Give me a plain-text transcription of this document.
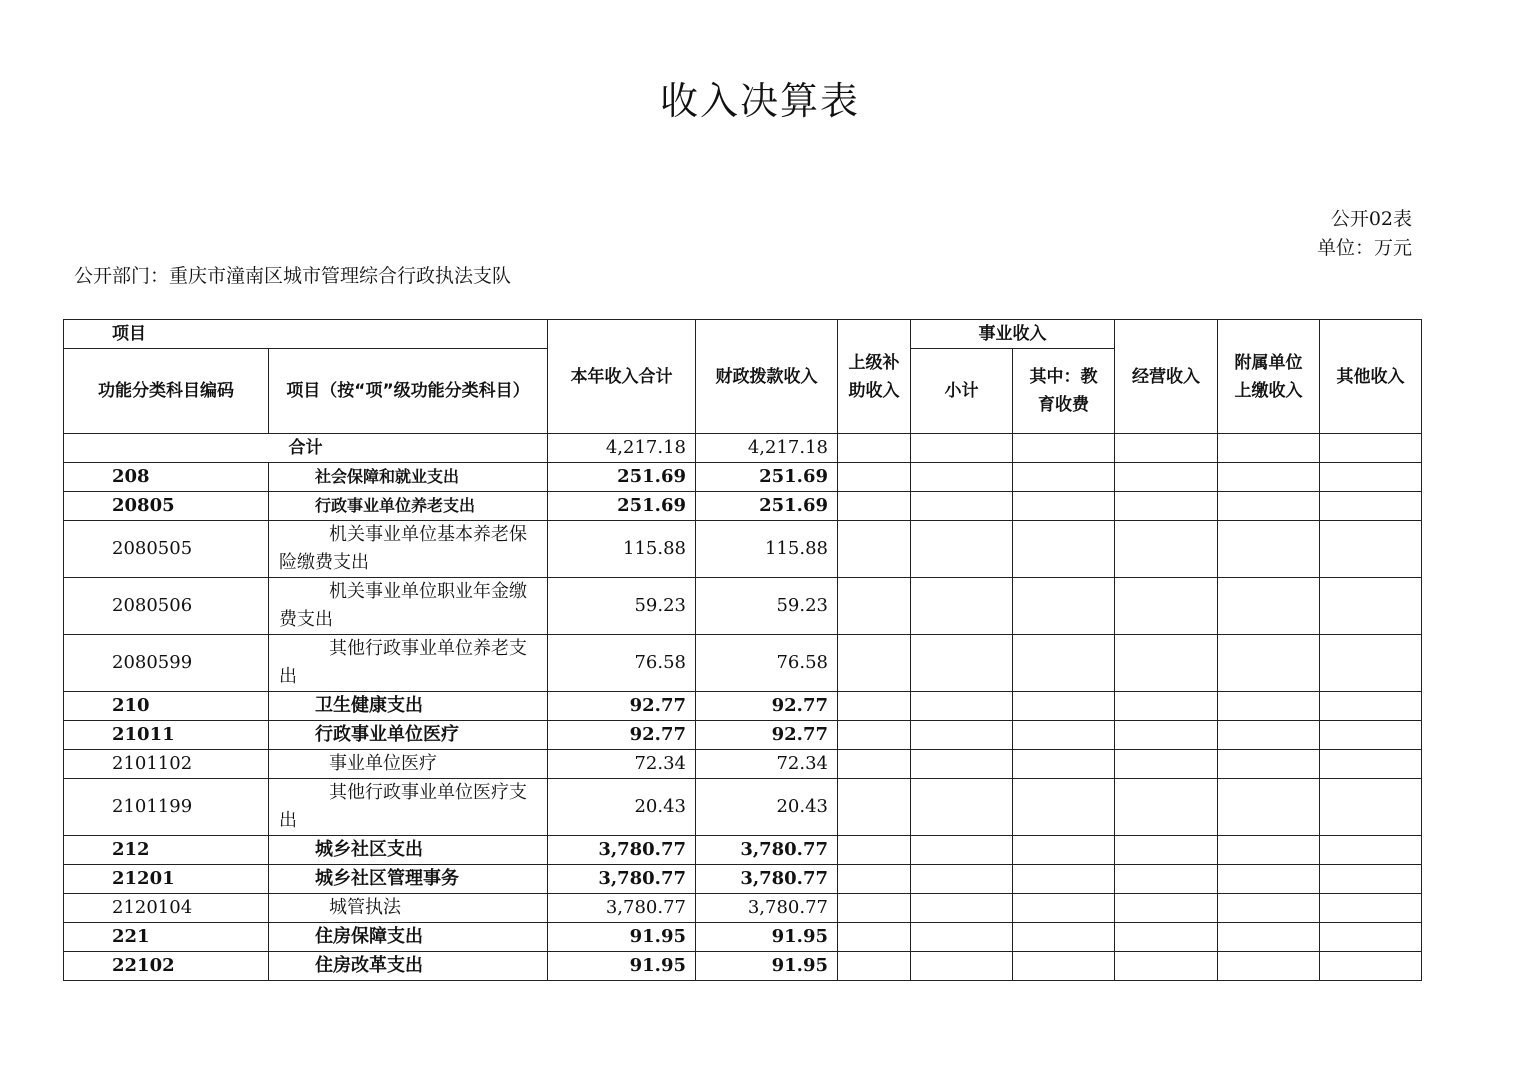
收入决算表
公开部门：重庆市潼南区城市管理综合行政执法支队
公开02表
单位：万元
项目		本年收入合计	财政拨款收入	上级补助收入	事业收入		经营收入	附属单位上缴收入	其他收入
功能分类科目编码	项目（按“项”级功能分类科目）				小计	其中：教育收费			
合计		4,217.18	4,217.18						
208	社会保障和就业支出	251.69	251.69						
20805	行政事业单位养老支出	251.69	251.69						
2080505	机关事业单位基本养老保险缴费支出	115.88	115.88						
2080506	机关事业单位职业年金缴费支出	59.23	59.23						
2080599	其他行政事业单位养老支出	76.58	76.58						
210	卫生健康支出	92.77	92.77						
21011	行政事业单位医疗	92.77	92.77						
2101102	事业单位医疗	72.34	72.34						
2101199	其他行政事业单位医疗支出	20.43	20.43						
212	城乡社区支出	3,780.77	3,780.77						
21201	城乡社区管理事务	3,780.77	3,780.77						
2120104	城管执法	3,780.77	3,780.77						
221	住房保障支出	91.95	91.95						
22102	住房改革支出	91.95	91.95						
